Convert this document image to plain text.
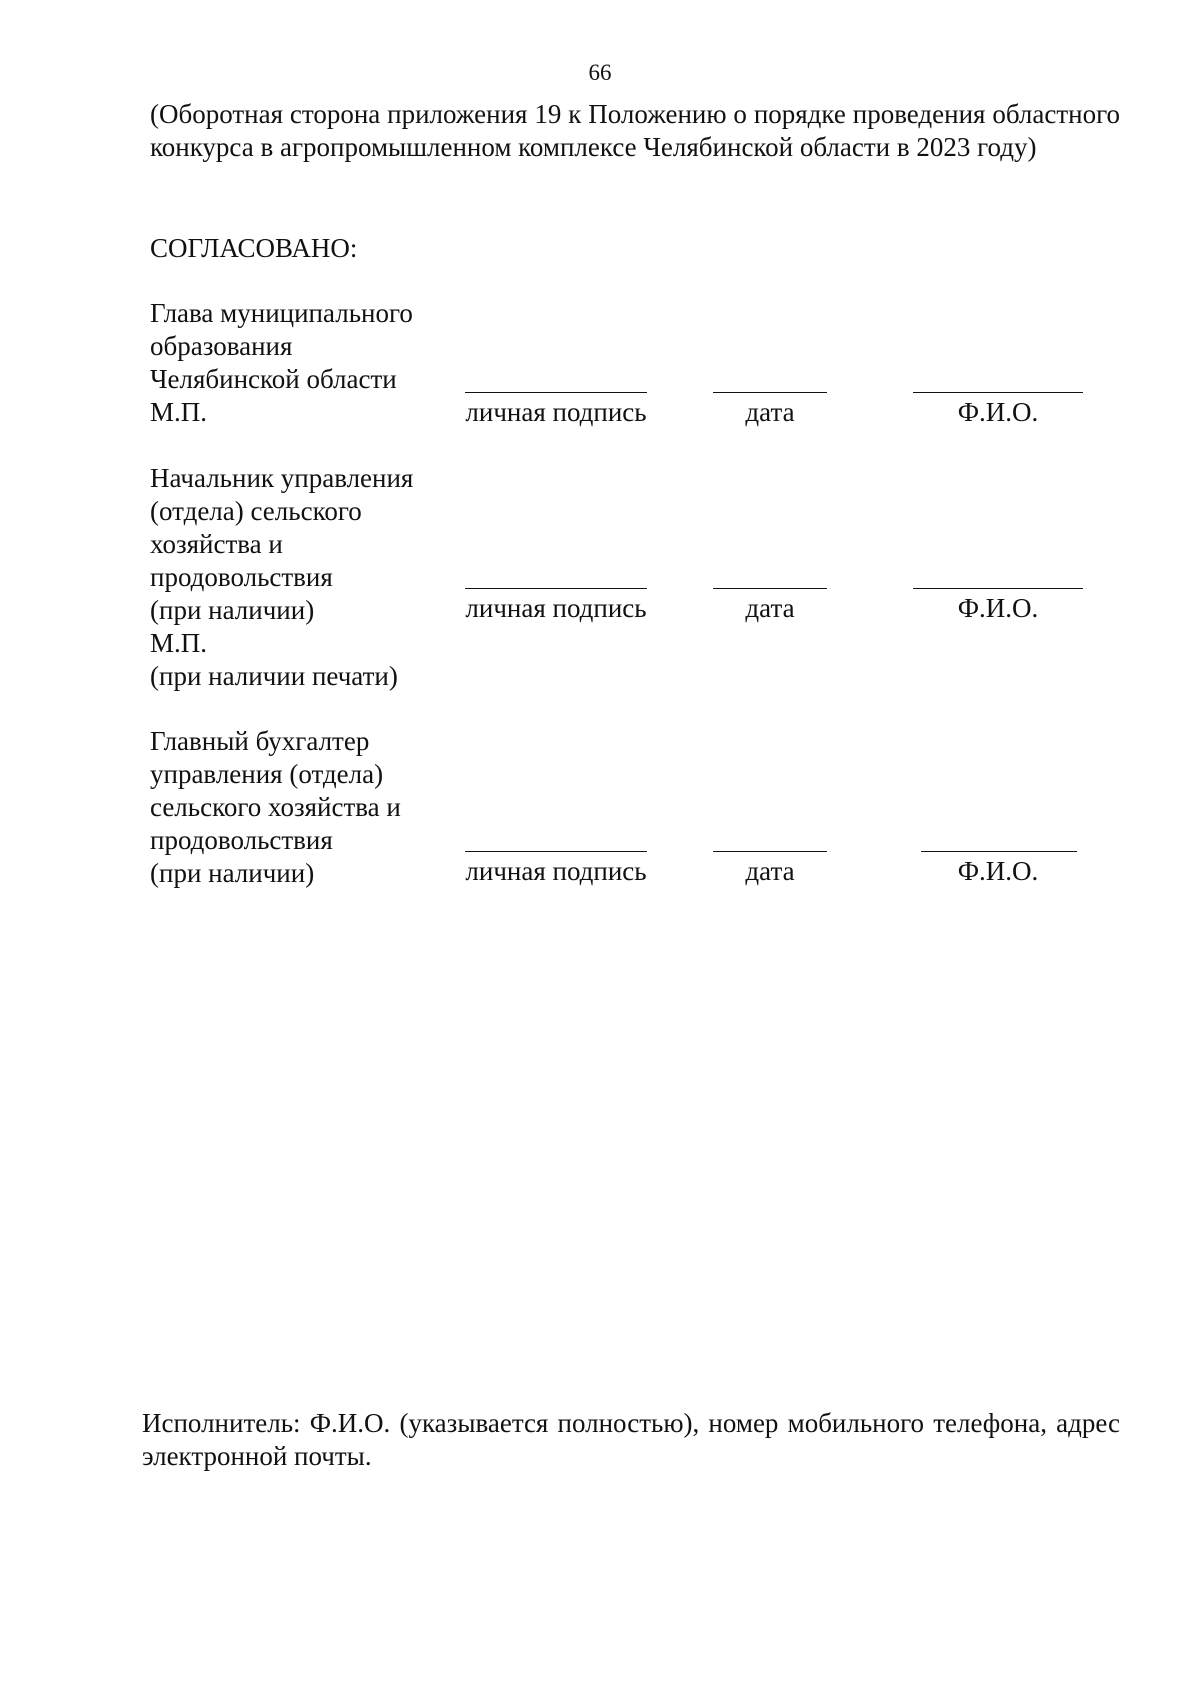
66
(Оборотная сторона приложения 19 к Положению о порядке проведения областного конкурса в агропромышленном комплексе Челябинской области в 2023 году)
СОГЛАСОВАНО:
Глава муниципального
образования
Челябинской области
М.П.	личная подпись	дата	Ф.И.О.
Начальник управления
(отдела) сельского
хозяйства и
продовольствия
(при наличии)
М.П.
(при наличии печати)
личная подпись	дата	Ф.И.О.
Главный бухгалтер
управления (отдела)
сельского хозяйства и
продовольствия
(при наличии)	личная подпись	дата	Ф.И.О.
Исполнитель: Ф.И.О. (указывается полностью), номер мобильного телефона, адрес электронной почты.
